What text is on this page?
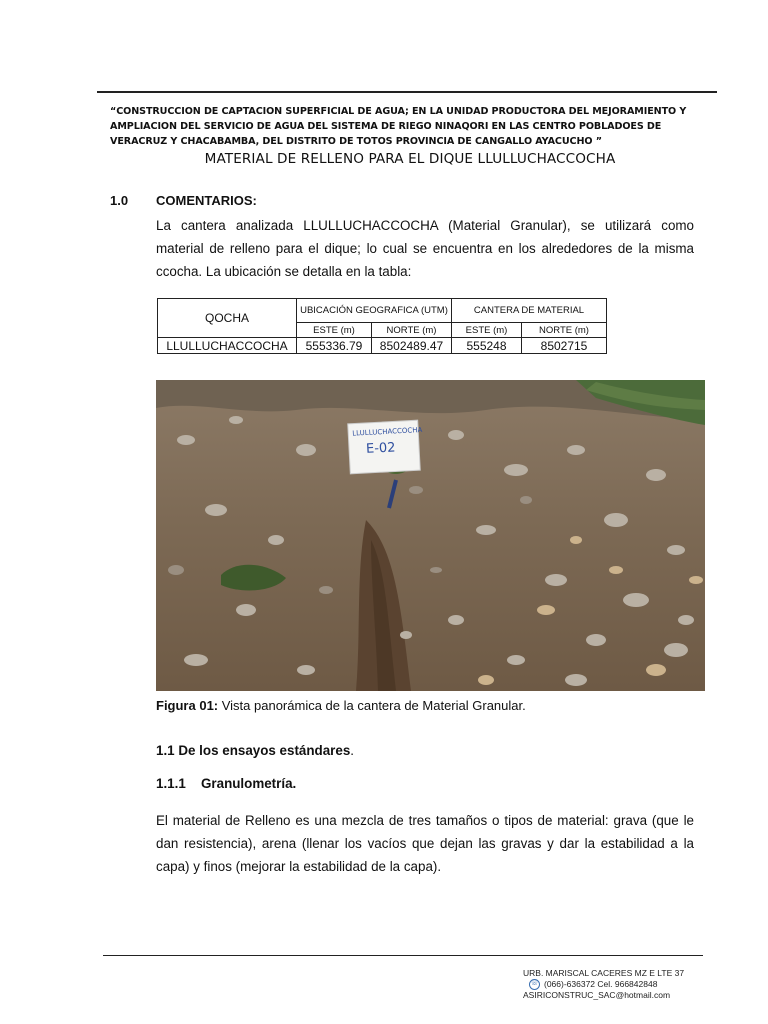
“CONSTRUCCION DE CAPTACION SUPERFICIAL DE AGUA; EN LA UNIDAD PRODUCTORA DEL MEJORAMIENTO Y AMPLIACION DEL SERVICIO DE AGUA DEL SISTEMA DE RIEGO NINAQORI EN LAS CENTRO POBLADOES DE VERACRUZ Y CHACABAMBA, DEL DISTRITO DE TOTOS PROVINCIA DE CANGALLO AYACUCHO ”
MATERIAL DE RELLENO PARA EL DIQUE LLULLUCHACCOCHA
1.0 COMENTARIOS:
La cantera analizada LLULLUCHACCOCHA (Material Granular), se utilizará como material de relleno para el dique; lo cual se encuentra en los alrededores de la misma ccocha. La ubicación se detalla en la tabla:
QOCHA	UBICACIÓN GEOGRAFICA (UTM)		CANTERA DE MATERIAL	
	ESTE (m)	NORTE (m)	ESTE (m)	NORTE (m)
LLULLUCHACCOCHA	555336.79	8502489.47	555248	8502715
LLULLUCHACCOCHA
E-02
Figura 01: Vista panorámica de la cantera de Material Granular.
1.1 De los ensayos estándares.
1.1.1 Granulometría.
El material de Relleno es una mezcla de tres tamaños o tipos de material: grava (que le dan resistencia), arena (llenar los vacíos que dejan las gravas y dar la estabilidad a la capa) y finos (mejorar la estabilidad de la capa).
URB. MARISCAL CACERES MZ E LTE 37
☏ (066)-636372 Cel. 966842848
ASIRICONSTRUC_SAC@hotmail.com
